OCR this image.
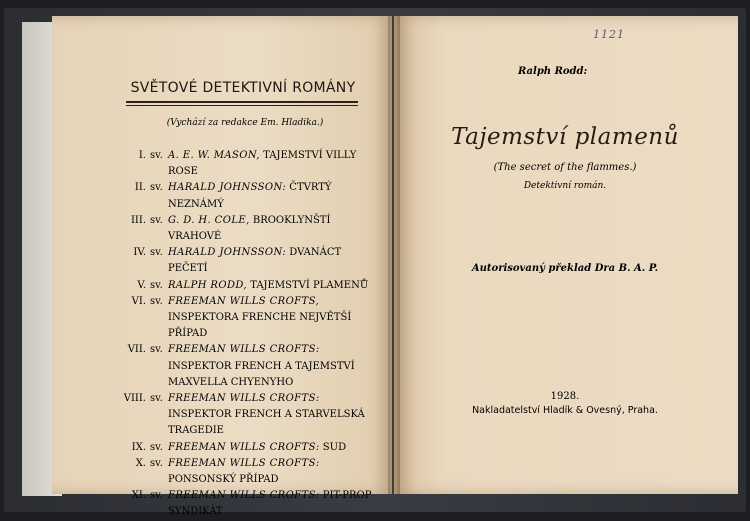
SVĚTOVÉ DETEKTIVNÍ ROMÁNY
(Vychází za redakce Em. Hladika.)
I. sv. A. E. W. MASON, TAJEMSTVÍ VILLY ROSE
II. sv. HARALD JOHNSSON: ČTVRTÝ NEZNÁMÝ
III. sv. G. D. H. COLE, BROOKLYNŠTÍ VRAHOVÉ
IV. sv. HARALD JOHNSSON: DVANÁCT PEČETÍ
V. sv. RALPH RODD, TAJEMSTVÍ PLAMENŮ
VI. sv. FREEMAN WILLS CROFTS, INSPEKTORA FRENCHE NEJVĚTŠÍ PŘÍPAD
VII. sv. FREEMAN WILLS CROFTS: INSPEKTOR FRENCH A TAJEMSTVÍ MAXVELLA CHYENYHO
VIII. sv. FREEMAN WILLS CROFTS: INSPEKTOR FRENCH A STARVELSKÁ TRAGEDIE
IX. sv. FREEMAN WILLS CROFTS: SUD
X. sv. FREEMAN WILLS CROFTS: PONSONSKÝ PŘÍPAD
XI. sv. FREEMAN WILLS CROFTS: PIT-PROP SYNDIKÁT
1121
Ralph Rodd:
Tajemství plamenů
(The secret of the flammes.)
Detektivní román.
Autorisovaný překlad Dra B. A. P.
1928.
Nakladatelství Hladík & Ovesný, Praha.
